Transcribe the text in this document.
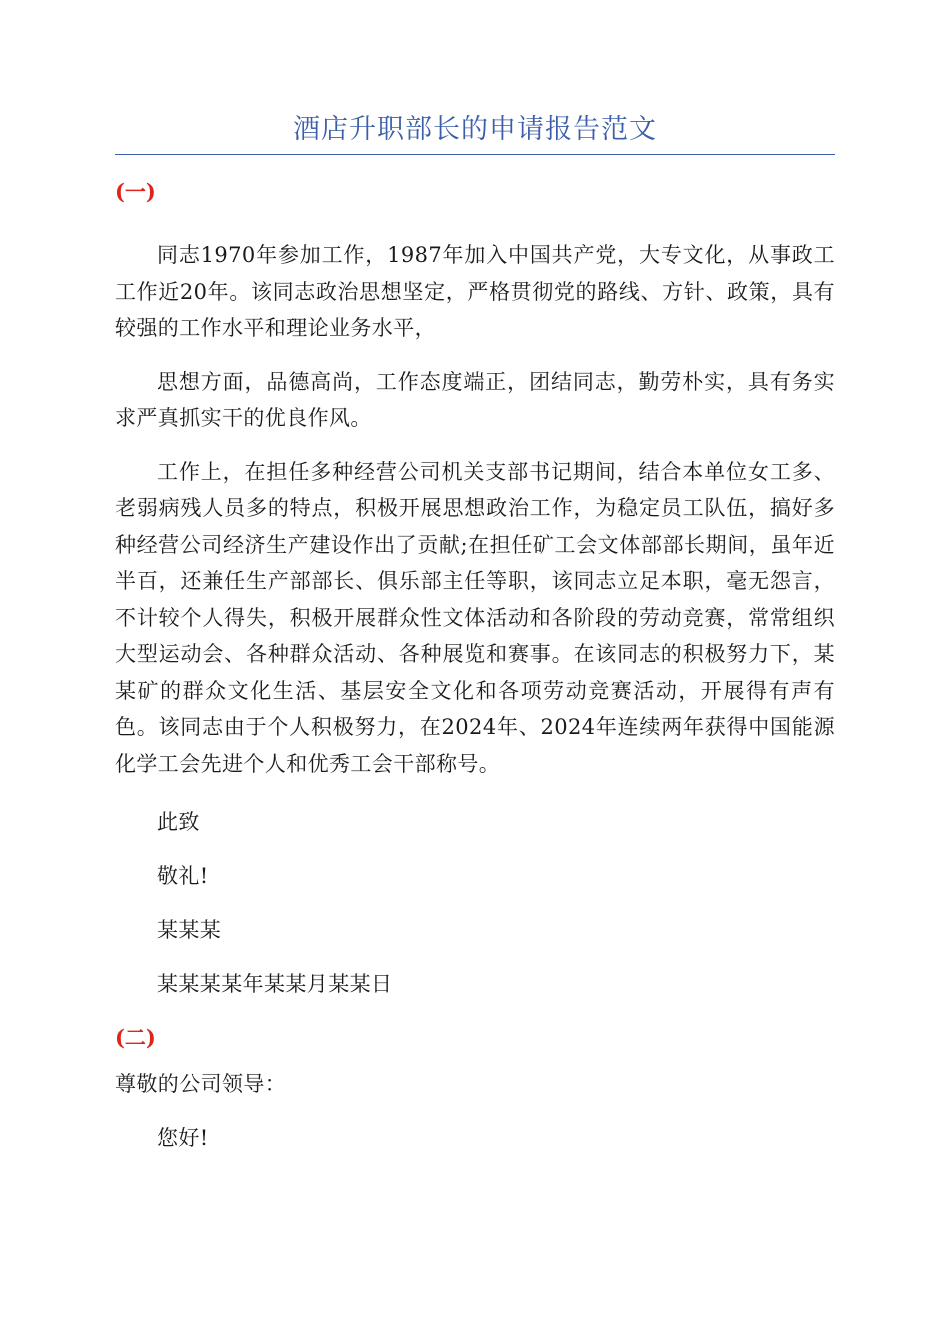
酒店升职部长的申请报告范文

(一)

同志1970年参加工作，1987年加入中国共产党，大专文化，从事政工工作近20年。该同志政治思想坚定，严格贯彻党的路线、方针、政策，具有较强的工作水平和理论业务水平，

思想方面，品德高尚，工作态度端正，团结同志，勤劳朴实，具有务实求严真抓实干的优良作风。

工作上，在担任多种经营公司机关支部书记期间，结合本单位女工多、老弱病残人员多的特点，积极开展思想政治工作，为稳定员工队伍，搞好多种经营公司经济生产建设作出了贡献;在担任矿工会文体部部长期间，虽年近半百，还兼任生产部部长、俱乐部主任等职，该同志立足本职，毫无怨言，不计较个人得失，积极开展群众性文体活动和各阶段的劳动竞赛，常常组织大型运动会、各种群众活动、各种展览和赛事。在该同志的积极努力下，某某矿的群众文化生活、基层安全文化和各项劳动竞赛活动，开展得有声有色。该同志由于个人积极努力，在2024年、2024年连续两年获得中国能源化学工会先进个人和优秀工会干部称号。

此致

敬礼!

某某某

某某某某年某某月某某日

(二)

尊敬的公司领导：

您好!
